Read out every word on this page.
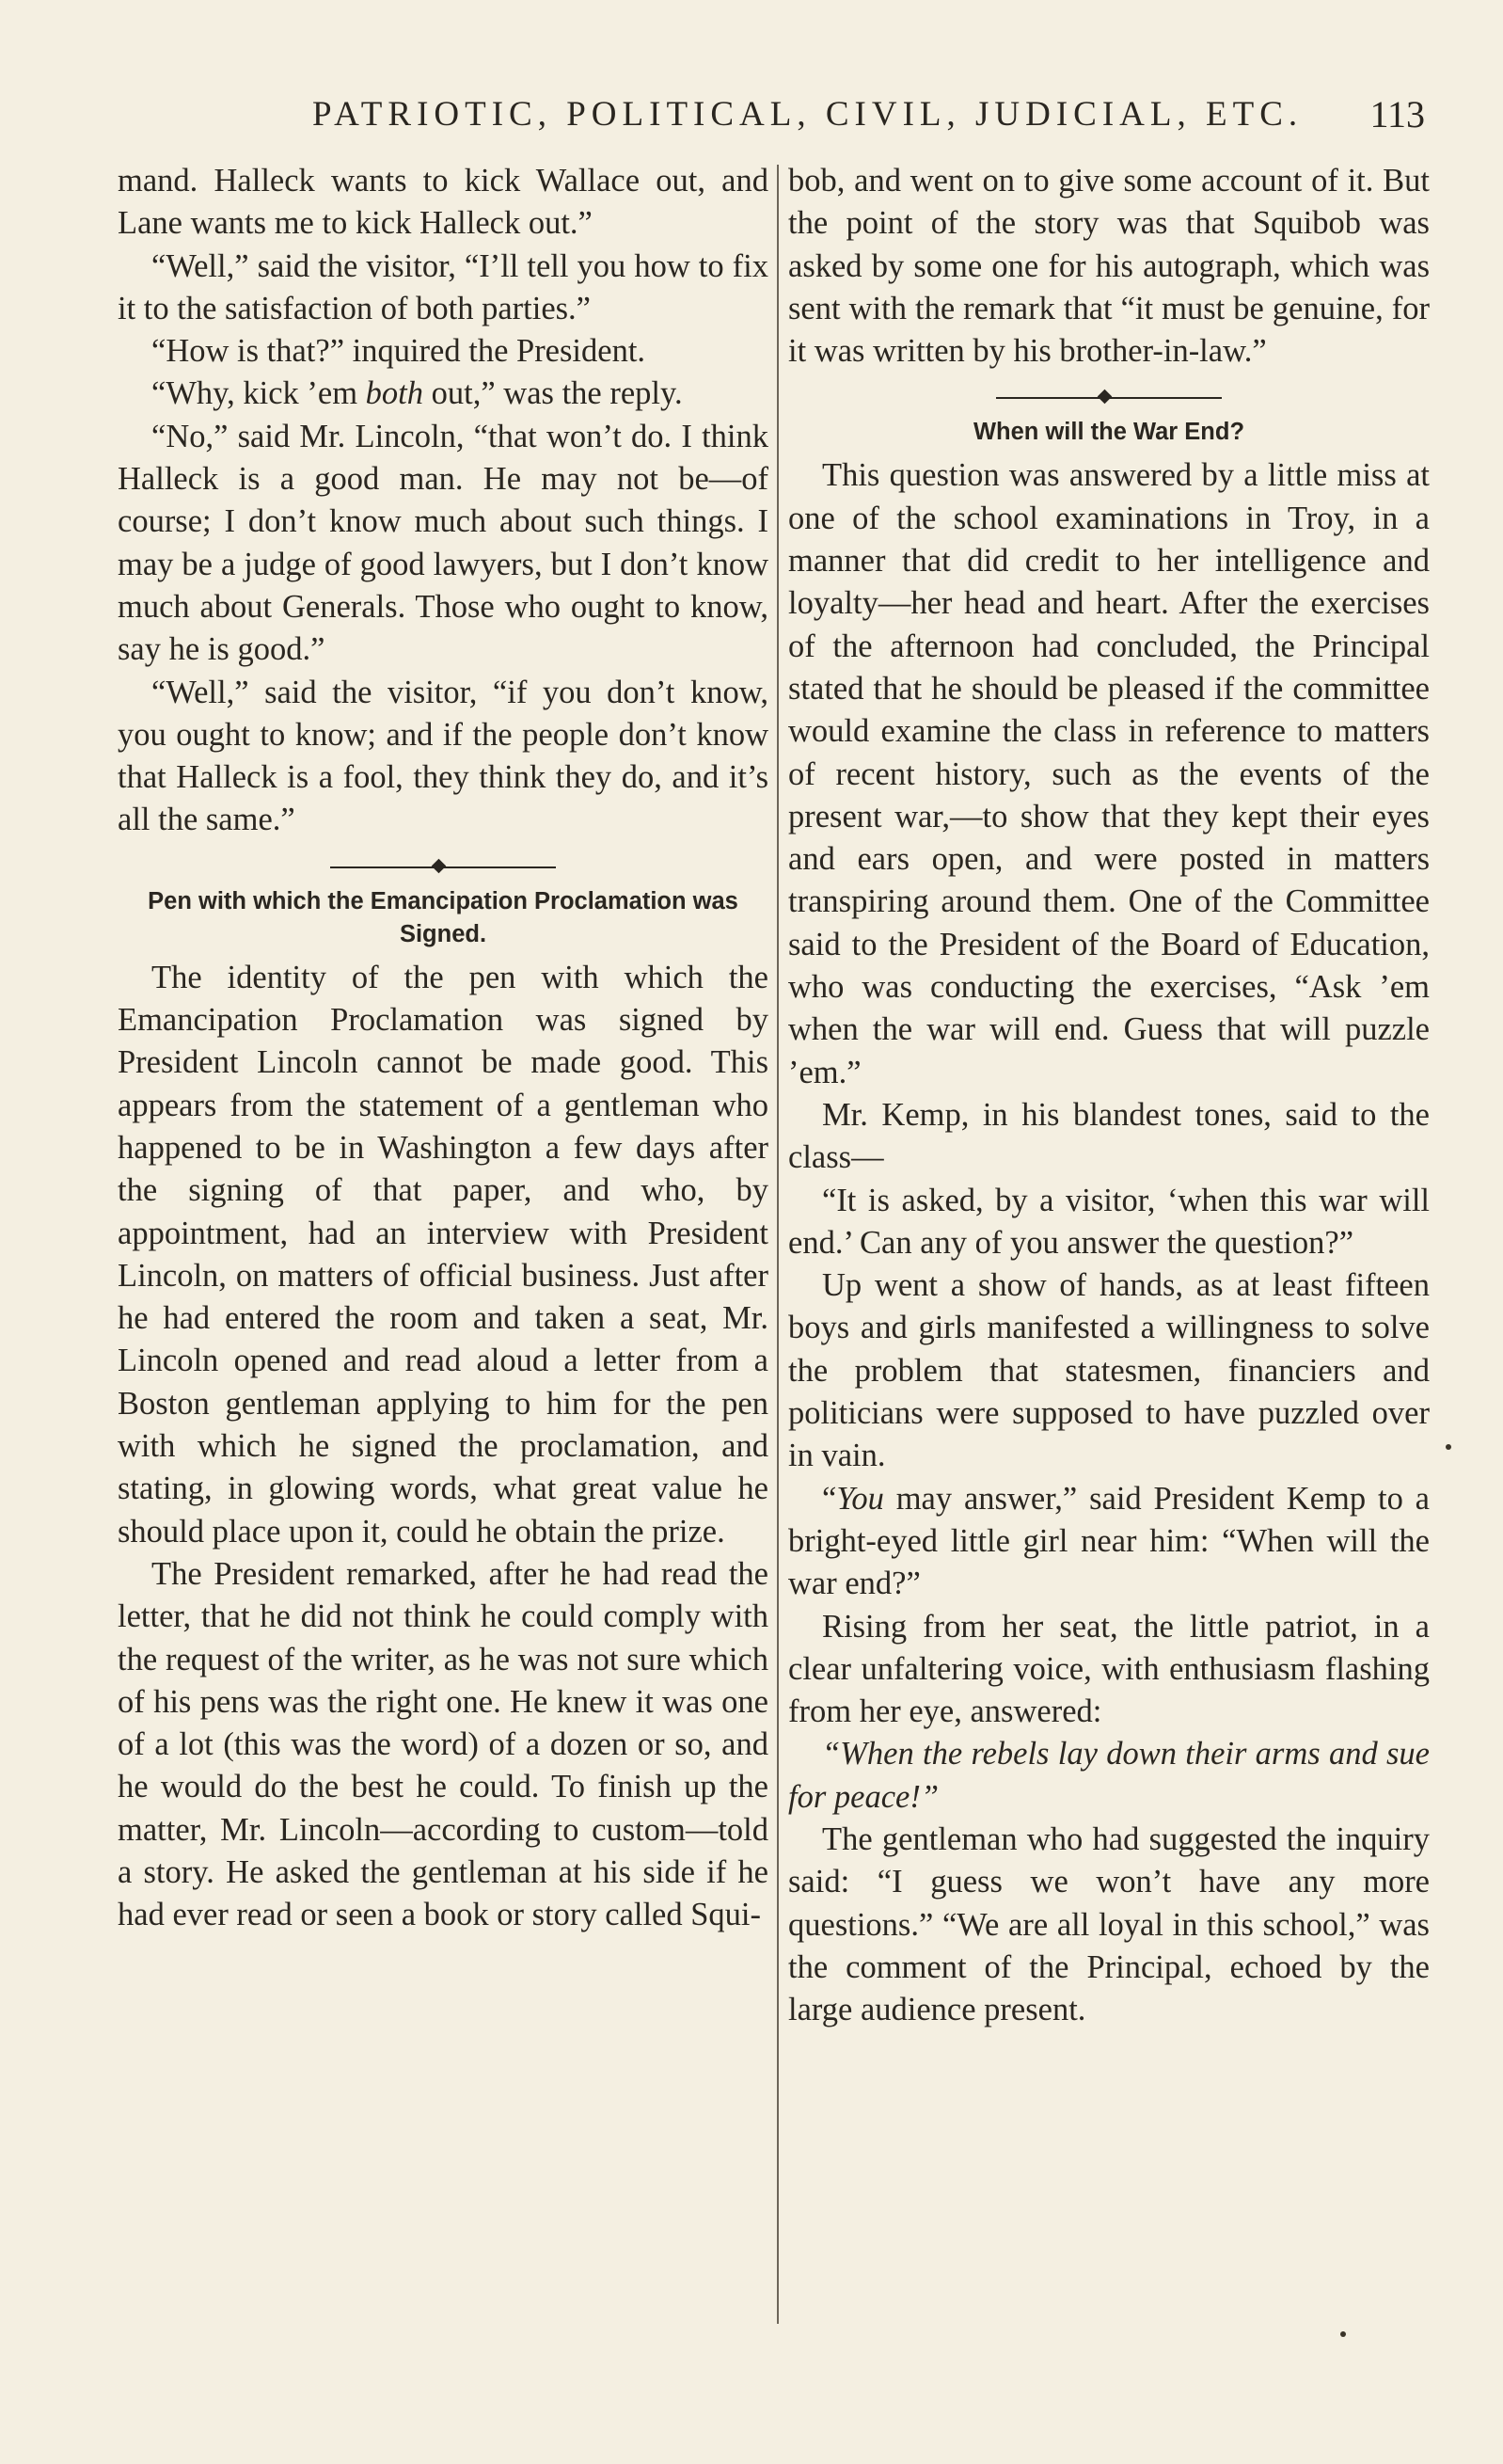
PATRIOTIC, POLITICAL, CIVIL, JUDICIAL, ETC. 113

mand. Halleck wants to kick Wallace out, and Lane wants me to kick Halleck out.”

“Well,” said the visitor, “I’ll tell you how to fix it to the satisfaction of both parties.”

“How is that?” inquired the President.

“Why, kick ’em both out,” was the reply.

“No,” said Mr. Lincoln, “that won’t do. I think Halleck is a good man. He may not be—of course; I don’t know much about such things. I may be a judge of good lawyers, but I don’t know much about Generals. Those who ought to know, say he is good.”

“Well,” said the visitor, “if you don’t know, you ought to know; and if the people don’t know that Halleck is a fool, they think they do, and it’s all the same.”

Pen with which the Emancipation Proclamation was Signed.

The identity of the pen with which the Emancipation Proclamation was signed by President Lincoln cannot be made good. This appears from the statement of a gentleman who happened to be in Washington a few days after the signing of that paper, and who, by appointment, had an interview with President Lincoln, on matters of official business. Just after he had entered the room and taken a seat, Mr. Lincoln opened and read aloud a letter from a Boston gentleman applying to him for the pen with which he signed the proclamation, and stating, in glowing words, what great value he should place upon it, could he obtain the prize.

The President remarked, after he had read the letter, that he did not think he could comply with the request of the writer, as he was not sure which of his pens was the right one. He knew it was one of a lot (this was the word) of a dozen or so, and he would do the best he could. To finish up the matter, Mr. Lincoln—according to custom—told a story. He asked the gentleman at his side if he had ever read or seen a book or story called Squi-

bob, and went on to give some account of it. But the point of the story was that Squibob was asked by some one for his autograph, which was sent with the remark that “it must be genuine, for it was written by his brother-in-law.”

When will the War End?

This question was answered by a little miss at one of the school examinations in Troy, in a manner that did credit to her intelligence and loyalty—her head and heart. After the exercises of the afternoon had concluded, the Principal stated that he should be pleased if the committee would examine the class in reference to matters of recent history, such as the events of the present war,—to show that they kept their eyes and ears open, and were posted in matters transpiring around them. One of the Committee said to the President of the Board of Education, who was conducting the exercises, “Ask ’em when the war will end. Guess that will puzzle ’em.”

Mr. Kemp, in his blandest tones, said to the class—

“It is asked, by a visitor, ‘when this war will end.’ Can any of you answer the question?”

Up went a show of hands, as at least fifteen boys and girls manifested a willingness to solve the problem that statesmen, financiers and politicians were supposed to have puzzled over in vain.

“You may answer,” said President Kemp to a bright-eyed little girl near him: “When will the war end?”

Rising from her seat, the little patriot, in a clear unfaltering voice, with enthusiasm flashing from her eye, answered:

“When the rebels lay down their arms and sue for peace!”

The gentleman who had suggested the inquiry said: “I guess we won’t have any more questions.” “We are all loyal in this school,” was the comment of the Principal, echoed by the large audience present.
